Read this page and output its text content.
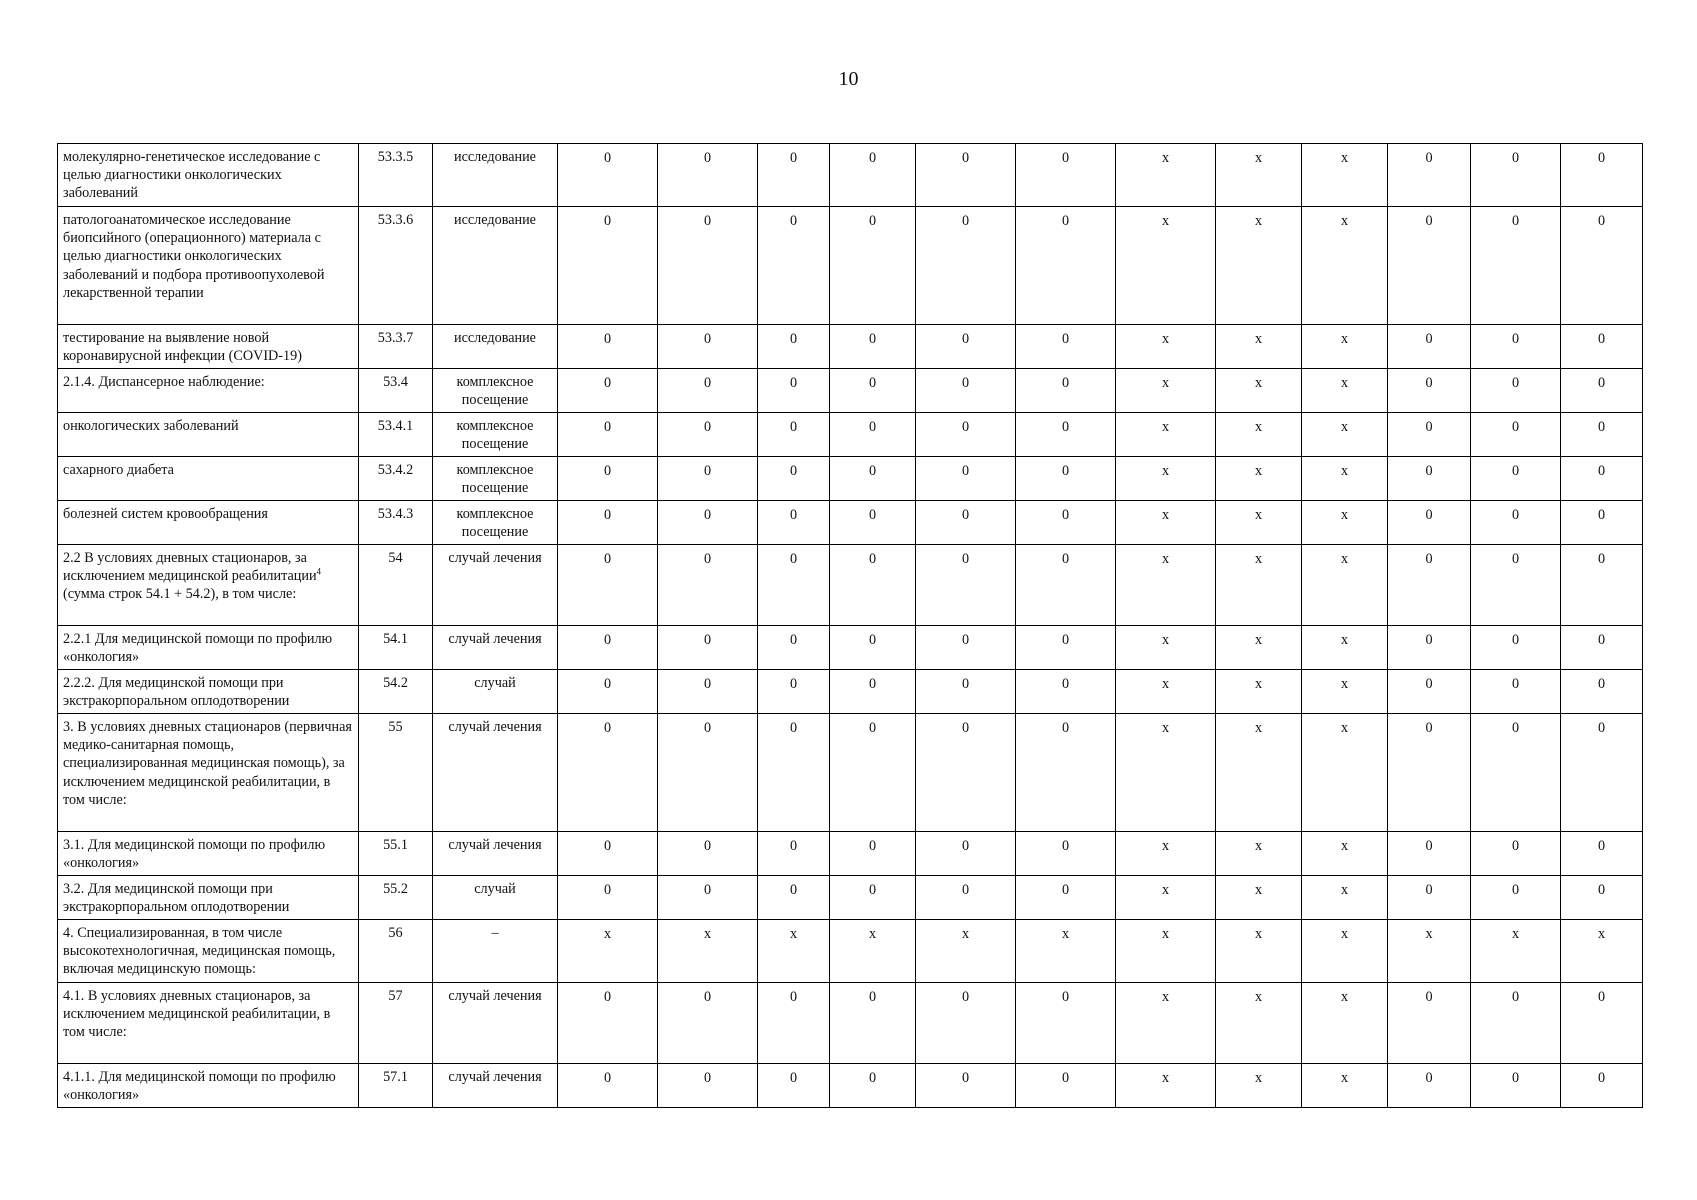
10
молекулярно-генетическое исследование с целью диагностики онкологических заболеваний	53.3.5	исследование	0	0	0	0	0	0	х	х	х	0	0	0
патологоанатомическое исследование биопсийного (операционного) материала с целью диагностики онкологических заболеваний и подбора противоопухолевой лекарственной терапии	53.3.6	исследование	0	0	0	0	0	0	х	х	х	0	0	0
тестирование на выявление новой коронавирусной инфекции (COVID-19)	53.3.7	исследование	0	0	0	0	0	0	х	х	х	0	0	0
2.1.4. Диспансерное наблюдение:	53.4	комплексное посещение	0	0	0	0	0	0	х	х	х	0	0	0
онкологических заболеваний	53.4.1	комплексное посещение	0	0	0	0	0	0	х	х	х	0	0	0
сахарного диабета	53.4.2	комплексное посещение	0	0	0	0	0	0	х	х	х	0	0	0
болезней систем кровообращения	53.4.3	комплексное посещение	0	0	0	0	0	0	х	х	х	0	0	0
2.2 В условиях дневных стационаров, за исключением медицинской реабилитации$^4$ (сумма строк 54.1 + 54.2), в том числе:	54	случай лечения	0	0	0	0	0	0	х	х	х	0	0	0
2.2.1 Для медицинской помощи по профилю «онкология»	54.1	случай лечения	0	0	0	0	0	0	х	х	х	0	0	0
2.2.2. Для медицинской помощи при экстракорпоральном оплодотворении	54.2	случай	0	0	0	0	0	0	х	х	х	0	0	0
3. В условиях дневных стационаров (первичная медико-санитарная помощь, специализированная медицинская помощь), за исключением медицинской реабилитации, в том числе:	55	случай лечения	0	0	0	0	0	0	х	х	х	0	0	0
3.1. Для медицинской помощи по профилю «онкология»	55.1	случай лечения	0	0	0	0	0	0	х	х	х	0	0	0
3.2. Для медицинской помощи при экстракорпоральном оплодотворении	55.2	случай	0	0	0	0	0	0	х	х	х	0	0	0
4. Специализированная, в том числе высокотехнологичная, медицинская помощь, включая медицинскую помощь:	56	–	х	х	х	х	х	х	х	х	х	х	х	х
4.1. В условиях дневных стационаров, за исключением медицинской реабилитации, в том числе:	57	случай лечения	0	0	0	0	0	0	х	х	х	0	0	0
4.1.1. Для медицинской помощи по профилю «онкология»	57.1	случай лечения	0	0	0	0	0	0	х	х	х	0	0	0
